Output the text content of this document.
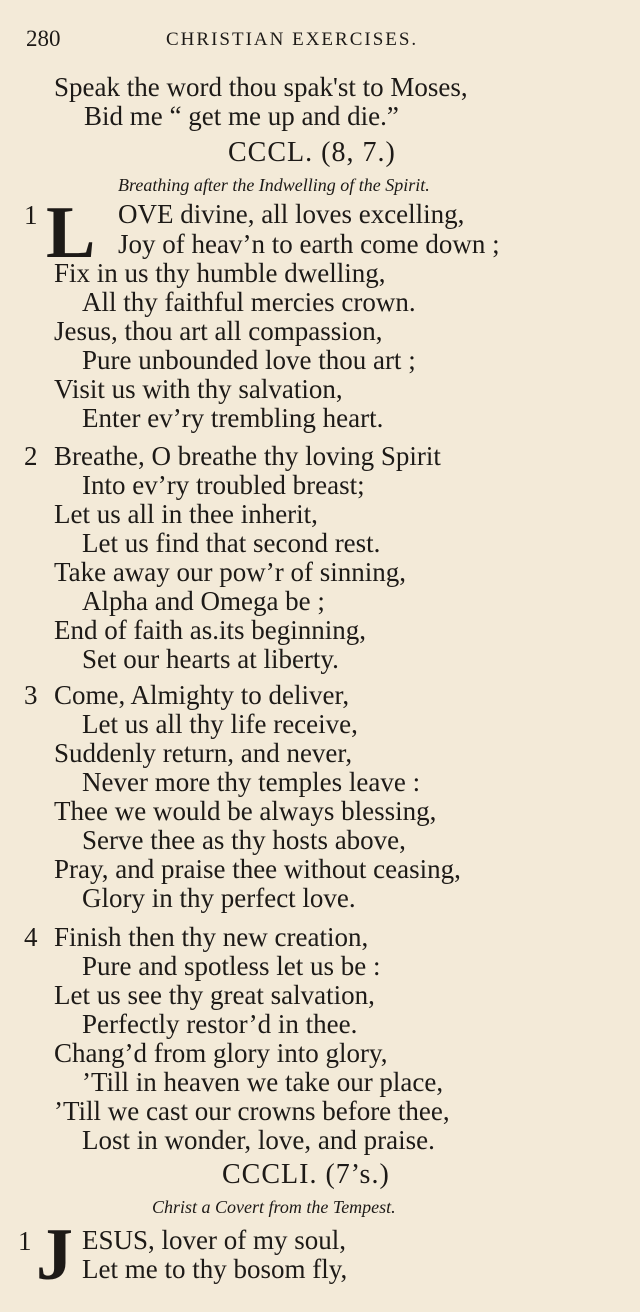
280	CHRISTIAN EXERCISES.
Speak the word thou spak'st to Moses,
Bid me “ get me up and die.”
CCCL. (8, 7.)
Breathing after the Indwelling of the Spirit.
1 L OVE divine, all loves excelling,
Joy of heav’n to earth come down ;
Fix in us thy humble dwelling,
All thy faithful mercies crown.
Jesus, thou art all compassion,
Pure unbounded love thou art ;
Visit us with thy salvation,
Enter ev’ry trembling heart.
2 Breathe, O breathe thy loving Spirit
Into ev’ry troubled breast;
Let us all in thee inherit,
Let us find that second rest.
Take away our pow’r of sinning,
Alpha and Omega be ;
End of faith as.its beginning,
Set our hearts at liberty.
3 Come, Almighty to deliver,
Let us all thy life receive,
Suddenly return, and never,
Never more thy temples leave :
Thee we would be always blessing,
Serve thee as thy hosts above,
Pray, and praise thee without ceasing,
Glory in thy perfect love.
4 Finish then thy new creation,
Pure and spotless let us be :
Let us see thy great salvation,
Perfectly restor’d in thee.
Chang’d from glory into glory,
’Till in heaven we take our place,
’Till we cast our crowns before thee,
Lost in wonder, love, and praise.
CCCLI. (7’s.)
Christ a Covert from the Tempest.
1 J ESUS, lover of my soul,
Let me to thy bosom fly,
